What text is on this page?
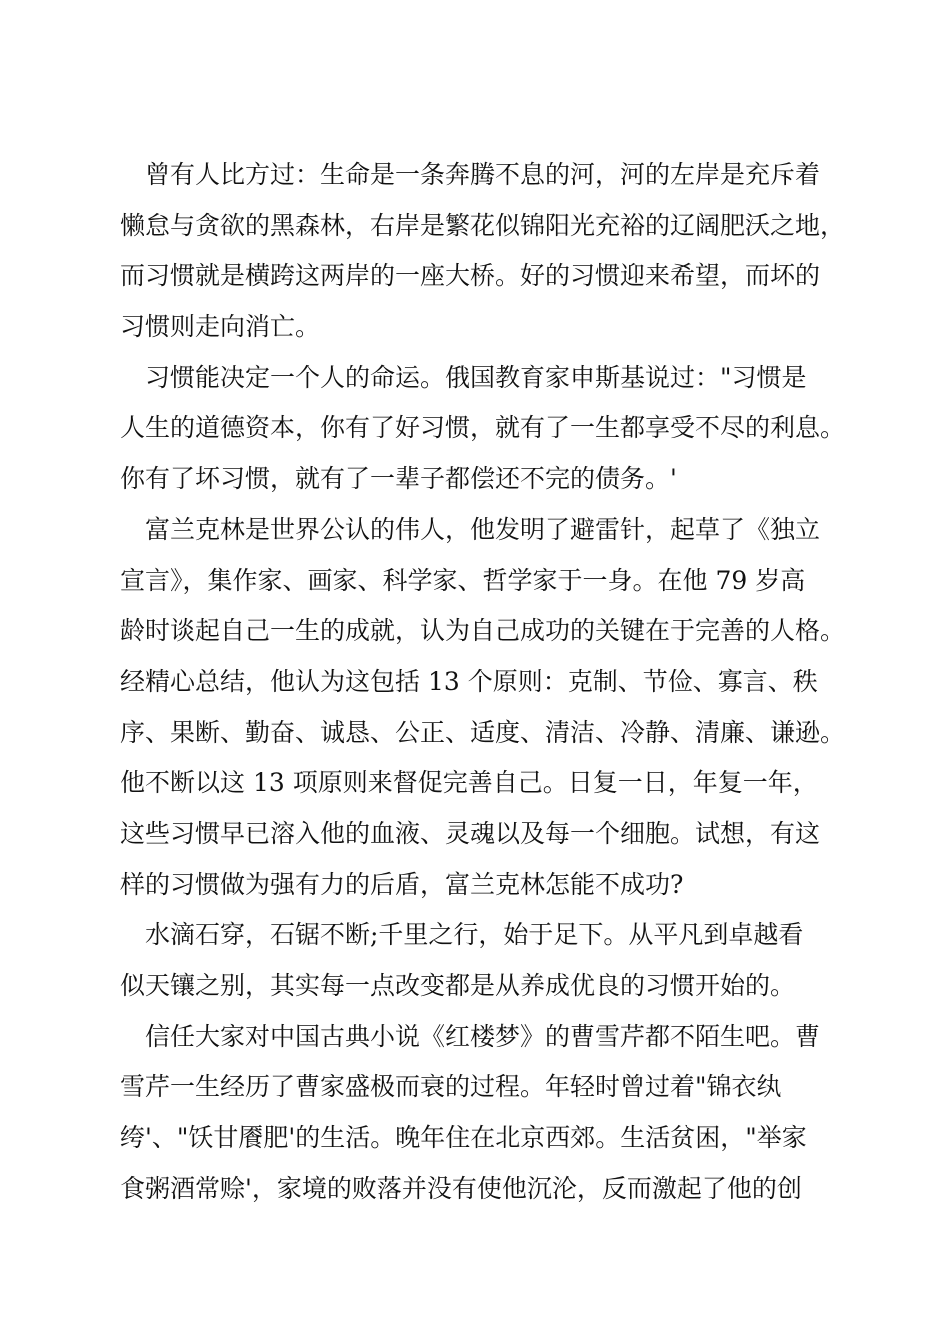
　曾有人比方过：生命是一条奔腾不息的河，河的左岸是充斥着
懒怠与贪欲的黑森林，右岸是繁花似锦阳光充裕的辽阔肥沃之地，
而习惯就是横跨这两岸的一座大桥。好的习惯迎来希望，而坏的
习惯则走向消亡。
　习惯能决定一个人的命运。俄国教育家申斯基说过："习惯是
人生的道德资本，你有了好习惯，就有了一生都享受不尽的利息。
你有了坏习惯，就有了一辈子都偿还不完的债务。'
　富兰克林是世界公认的伟人，他发明了避雷针，起草了《独立
宣言》，集作家、画家、科学家、哲学家于一身。在他 79 岁高
龄时谈起自己一生的成就，认为自己成功的关键在于完善的人格。
经精心总结，他认为这包括 13 个原则：克制、节俭、寡言、秩
序、果断、勤奋、诚恳、公正、适度、清洁、冷静、清廉、谦逊。
他不断以这 13 项原则来督促完善自己。日复一日，年复一年，
这些习惯早已溶入他的血液、灵魂以及每一个细胞。试想，有这
样的习惯做为强有力的后盾，富兰克林怎能不成功?
　水滴石穿，石锯不断;千里之行，始于足下。从平凡到卓越看
似天镶之别，其实每一点改变都是从养成优良的习惯开始的。
　信任大家对中国古典小说《红楼梦》的曹雪芹都不陌生吧。曹
雪芹一生经历了曹家盛极而衰的过程。年轻时曾过着"锦衣纨
绔'、"饫甘餍肥'的生活。晚年住在北京西郊。生活贫困，"举家
食粥酒常赊'，家境的败落并没有使他沉沦，反而激起了他的创
